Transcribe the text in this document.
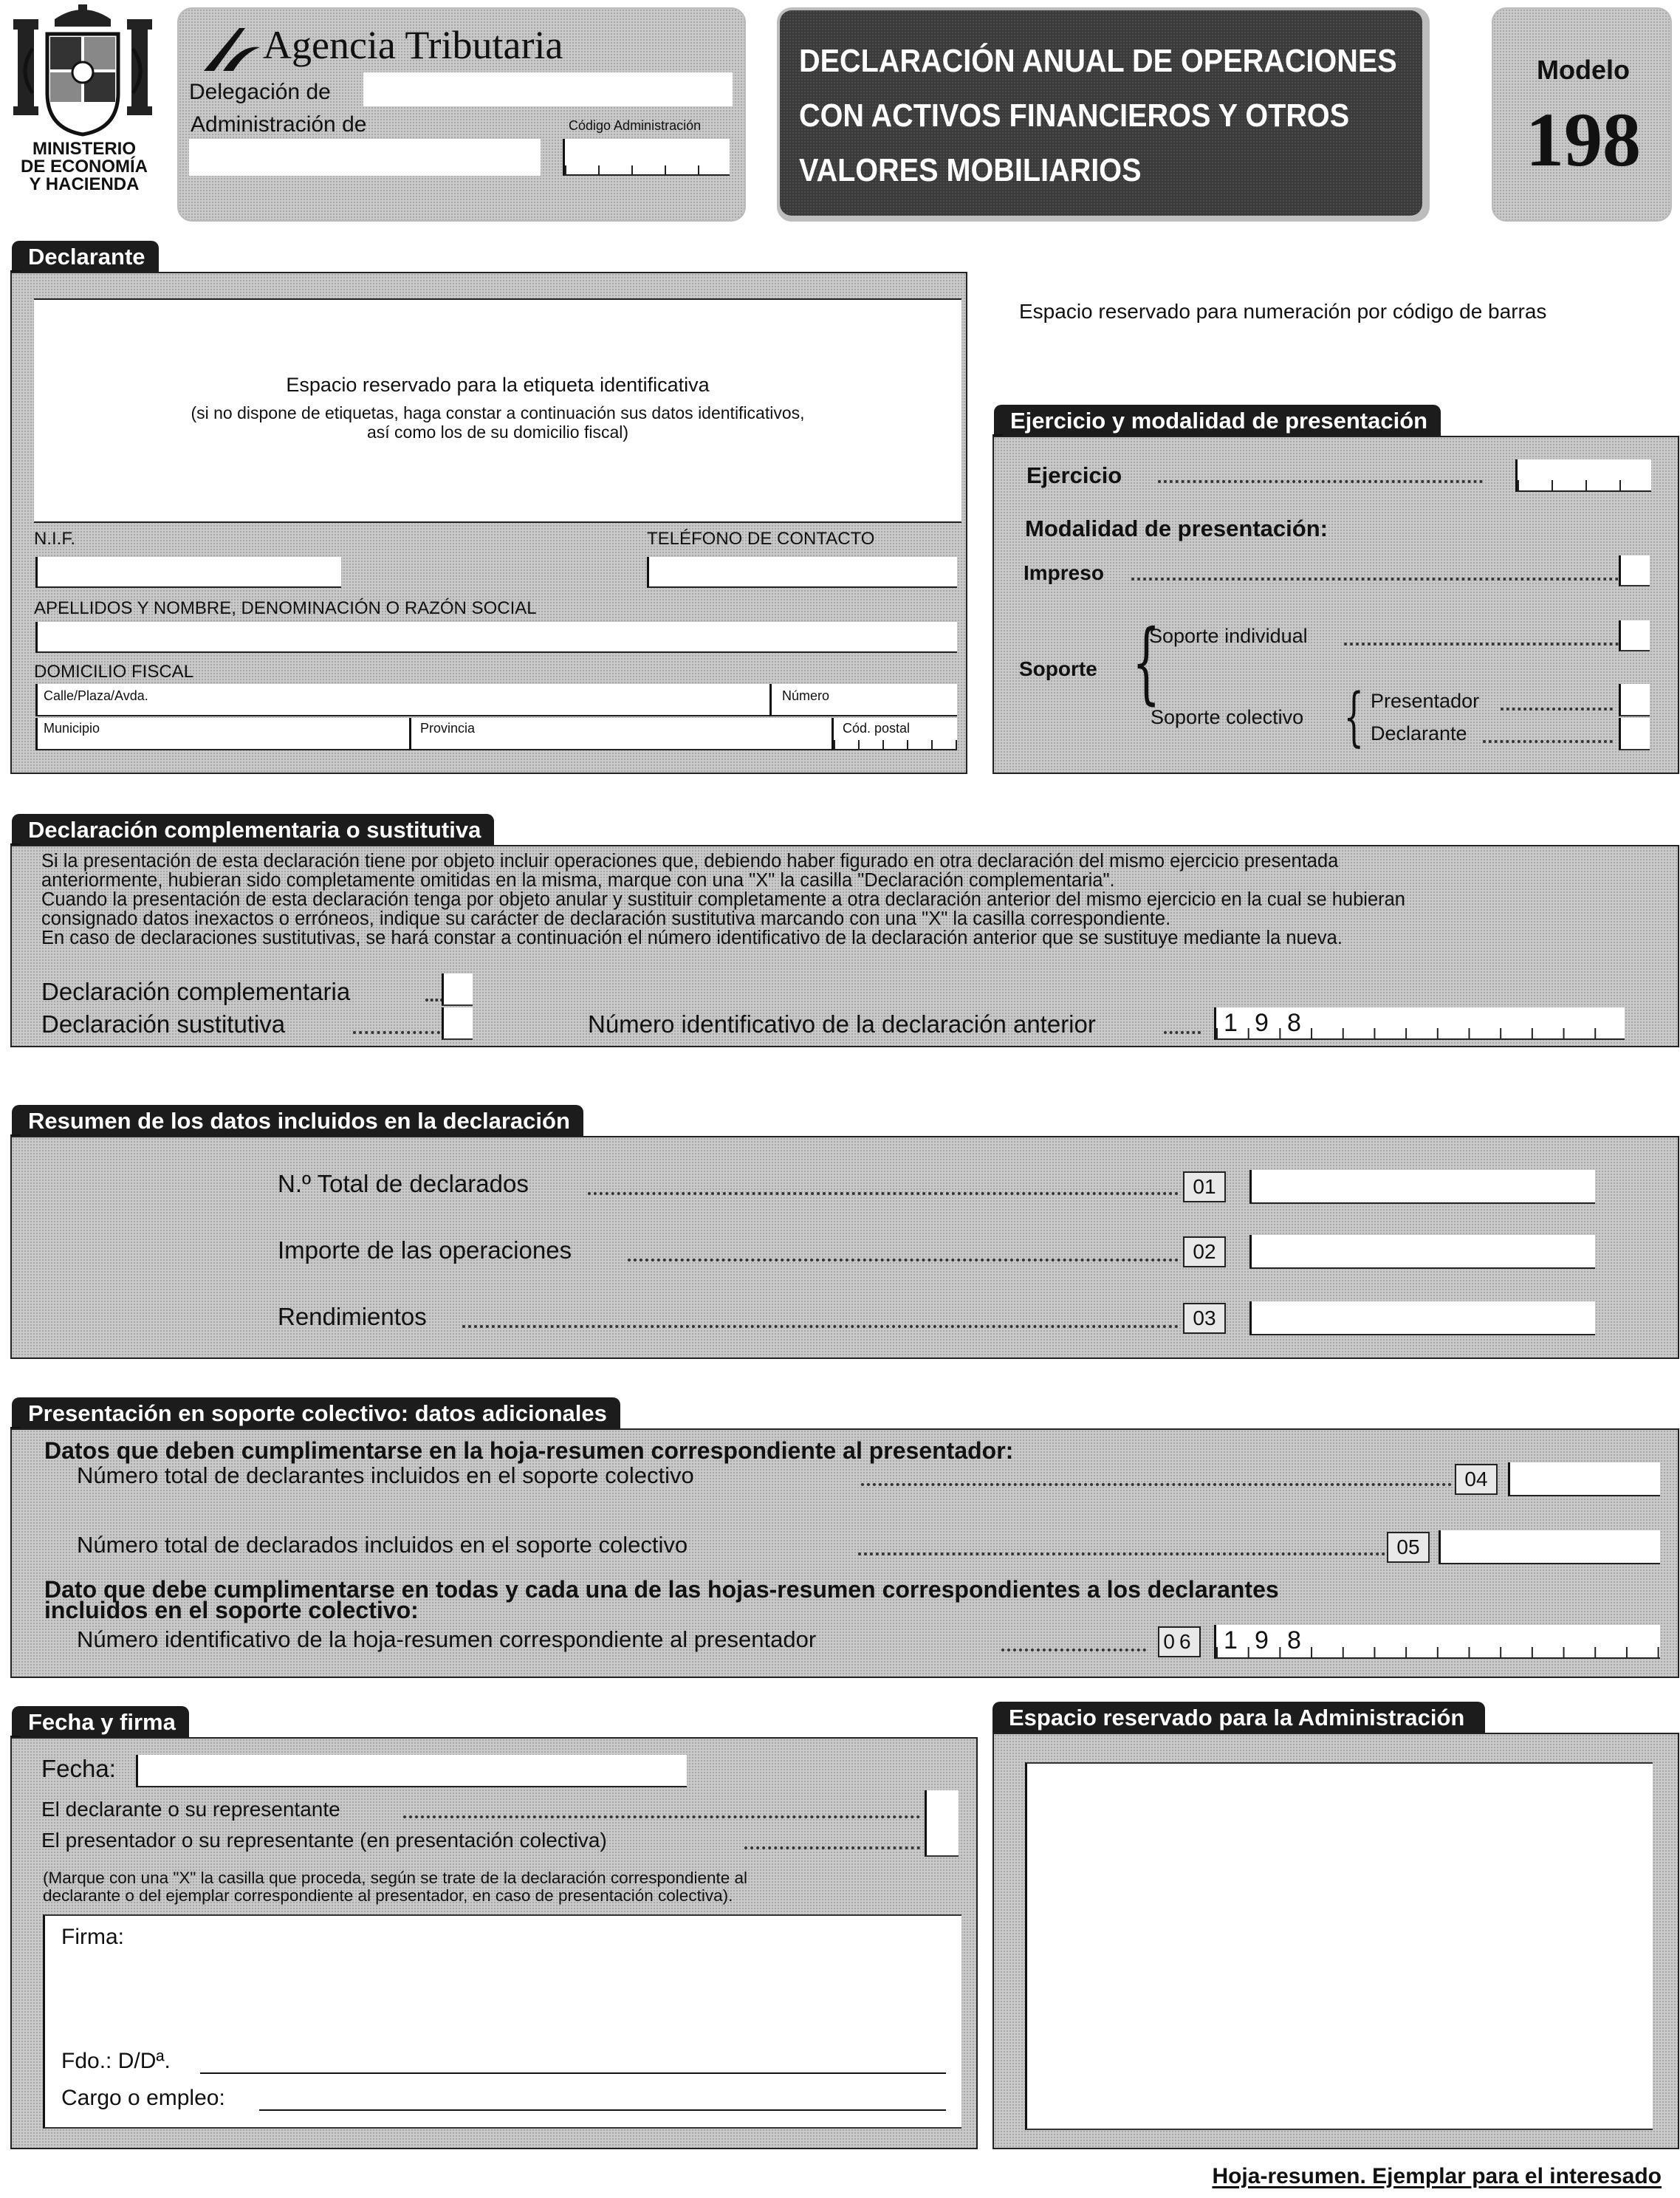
MINISTERIO
DE ECONOMÍA
Y HACIENDA
Agencia Tributaria
Delegación de
Administración de	Código Administración
DECLARACIÓN ANUAL DE OPERACIONES
CON ACTIVOS FINANCIEROS Y OTROS
VALORES MOBILIARIOS
Modelo
198
Declarante
Espacio reservado para la etiqueta identificativa
(si no dispone de etiquetas, haga constar a continuación sus datos identificativos,
así como los de su domicilio fiscal)
N.I.F.	TELÉFONO DE CONTACTO
APELLIDOS Y NOMBRE, DENOMINACIÓN O RAZÓN SOCIAL
DOMICILIO FISCAL
Calle/Plaza/Avda.	Número
Municipio	Provincia	Cód. postal
Espacio reservado para numeración por código de barras
Ejercicio y modalidad de presentación
Ejercicio
Modalidad de presentación:
Impreso
Soporte {
Soporte individual
Soporte colectivo { Presentador
Declarante
Declaración complementaria o sustitutiva
Si la presentación de esta declaración tiene por objeto incluir operaciones que, debiendo haber figurado en otra declaración del mismo ejercicio presentada
anteriormente, hubieran sido completamente omitidas en la misma, marque con una "X" la casilla "Declaración complementaria".
Cuando la presentación de esta declaración tenga por objeto anular y sustituir completamente a otra declaración anterior del mismo ejercicio en la cual se hubieran
consignado datos inexactos o erróneos, indique su carácter de declaración sustitutiva marcando con una "X" la casilla correspondiente.
En caso de declaraciones sustitutivas, se hará constar a continuación el número identificativo de la declaración anterior que se sustituye mediante la nueva.
Declaración complementaria
Declaración sustitutiva	Número identificativo de la declaración anterior	1 9 8
Resumen de los datos incluidos en la declaración
N.º Total de declarados	01
Importe de las operaciones	02
Rendimientos	03
Presentación en soporte colectivo: datos adicionales
Datos que deben cumplimentarse en la hoja-resumen correspondiente al presentador:
Número total de declarantes incluidos en el soporte colectivo	04
Número total de declarados incluidos en el soporte colectivo	05
Dato que debe cumplimentarse en todas y cada una de las hojas-resumen correspondientes a los declarantes
incluidos en el soporte colectivo:
Número identificativo de la hoja-resumen correspondiente al presentador	06 1 9 8
Fecha y firma
Fecha:
El declarante o su representante
El presentador o su representante (en presentación colectiva)
(Marque con una "X" la casilla que proceda, según se trate de la declaración correspondiente al
declarante o del ejemplar correspondiente al presentador, en caso de presentación colectiva).
Firma:
Fdo.: D/Dª.
Cargo o empleo:
Espacio reservado para la Administración
Hoja-resumen. Ejemplar para el interesado
